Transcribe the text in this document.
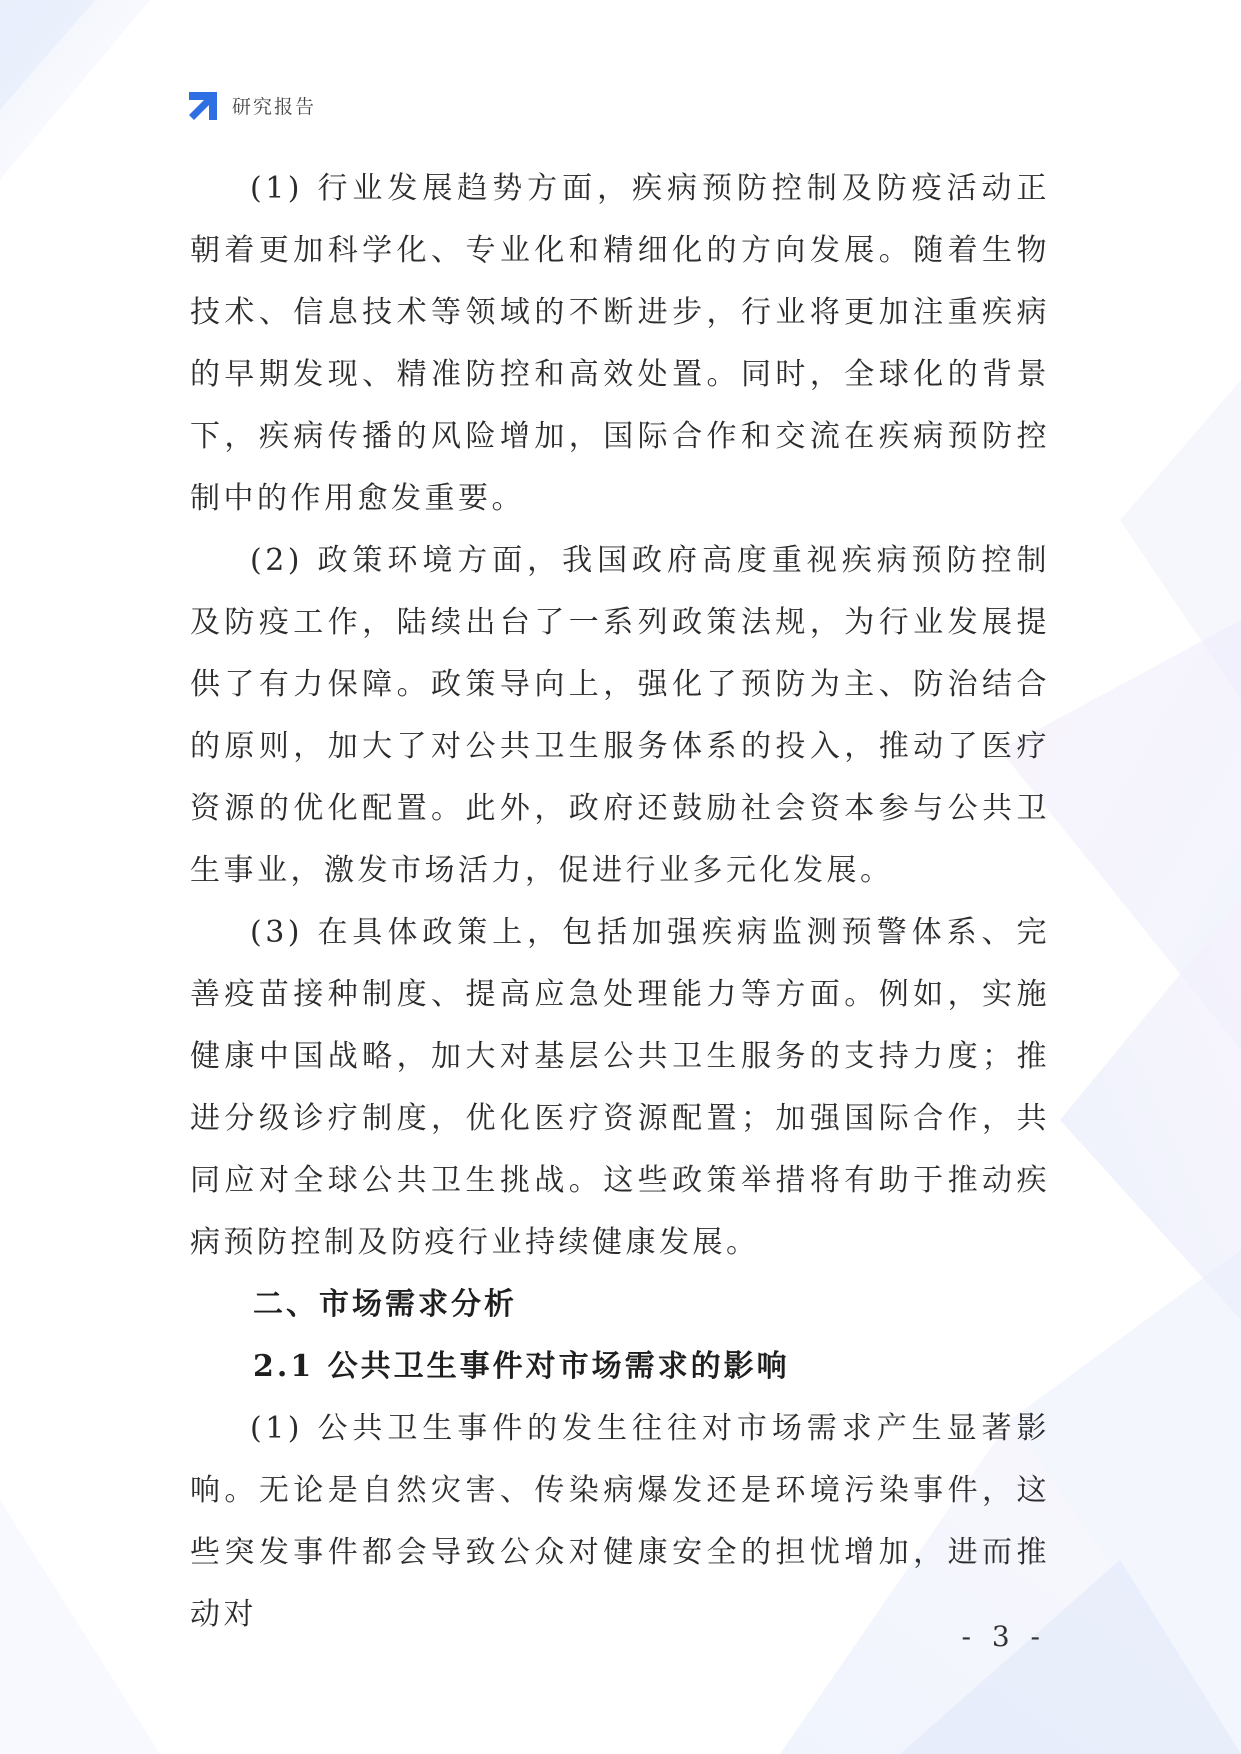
研究报告

(1) 行业发展趋势方面，疾病预防控制及防疫活动正朝着更加科学化、专业化和精细化的方向发展。随着生物技术、信息技术等领域的不断进步，行业将更加注重疾病的早期发现、精准防控和高效处置。同时，全球化的背景下，疾病传播的风险增加，国际合作和交流在疾病预防控制中的作用愈发重要。

(2) 政策环境方面，我国政府高度重视疾病预防控制及防疫工作，陆续出台了一系列政策法规，为行业发展提供了有力保障。政策导向上，强化了预防为主、防治结合的原则，加大了对公共卫生服务体系的投入，推动了医疗资源的优化配置。此外，政府还鼓励社会资本参与公共卫生事业，激发市场活力，促进行业多元化发展。

(3) 在具体政策上，包括加强疾病监测预警体系、完善疫苗接种制度、提高应急处理能力等方面。例如，实施健康中国战略，加大对基层公共卫生服务的支持力度；推进分级诊疗制度，优化医疗资源配置；加强国际合作，共同应对全球公共卫生挑战。这些政策举措将有助于推动疾病预防控制及防疫行业持续健康发展。

二、市场需求分析
2.1 公共卫生事件对市场需求的影响

(1) 公共卫生事件的发生往往对市场需求产生显著影响。无论是自然灾害、传染病爆发还是环境污染事件，这些突发事件都会导致公众对健康安全的担忧增加，进而推动对

- 3 -
